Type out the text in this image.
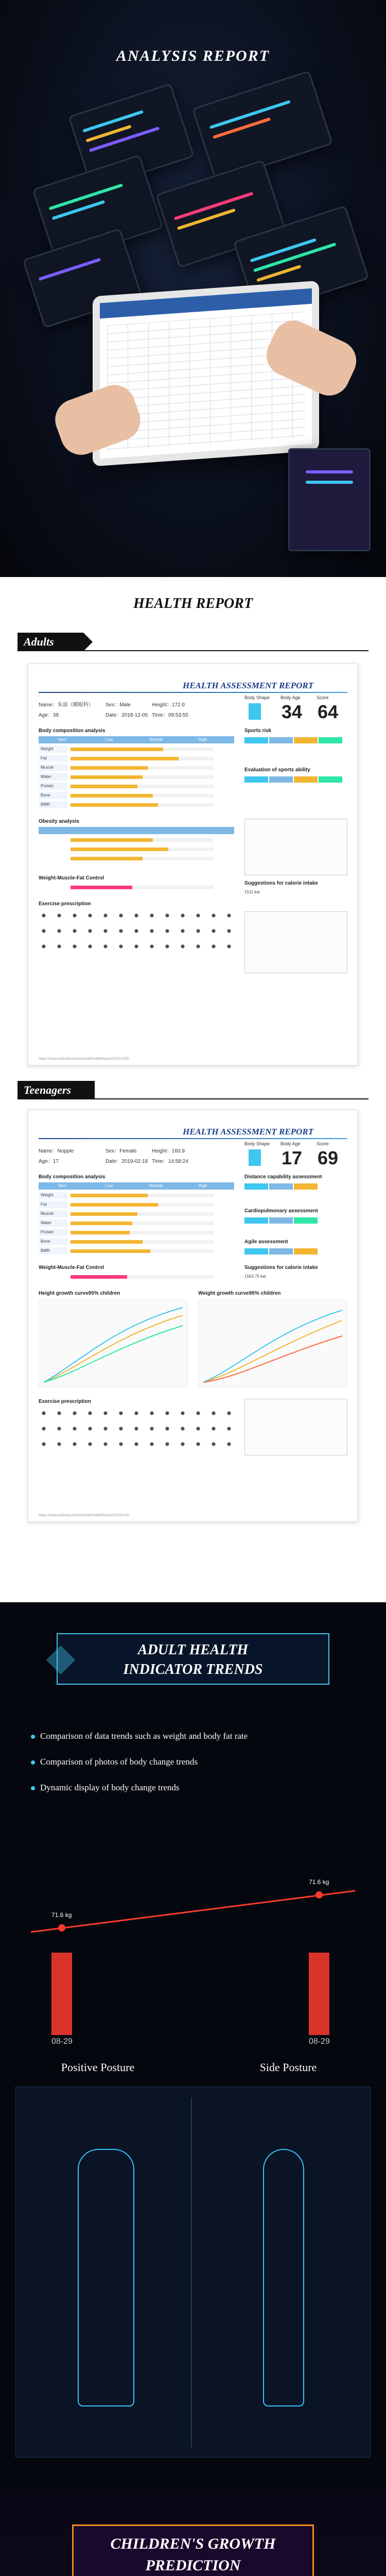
ANALYSIS REPORT
HEALTH REPORT
Adults
HEALTH ASSESSMENT REPORT
Name：朱喆（睡眠科） Sex：Male	Height：172.0
Age：39	Date：2018-12-05 Time：09:53:55
Body Shape Body Age	Score
34 64
Body composition analysis
Item	Low	Normal	High
Weight
Fat
Muscle
Water
Protein
Bone
BMR
Sports risk
Evaluation of sports ability
Obesity analysis
Weight-Muscle-Fat Control
Suggestions for calorie intake
1511 kal
Exercise prescription
https://www.visbody.com/wechat/healthReport/20181205
Teenagers
HEALTH ASSESSMENT REPORT
Name：Nopple	Sex：Female	Height：160.9
Age：17	Date：2019-02-18 Time：14:58:24
Body Shape Body Age	Score
17 69
Body composition analysis
Item	Low	Normal	High
Weight
Fat
Muscle
Water
Protein
Bone
BMR
Distance capability assessment
Cardiopulmonary assessment
Agile assessment
Weight-Muscle-Fat Control	Suggestions for calorie intake
1563.75 kal
Height growth curve95% children	Weight growth curve95% children
Exercise prescription
https://www.visbody.com/wechat/healthReport/20190218
ADULT HEALTH
INDICATOR TRENDS
Comparison of data trends such as weight and body fat rate
Comparison of photos of body change trends
Dynamic display of body change trends
71.6 kg
71.6 kg
08-29	08-29
Positive Posture	Side Posture
CHILDREN'S GROWTH
PREDICTION
